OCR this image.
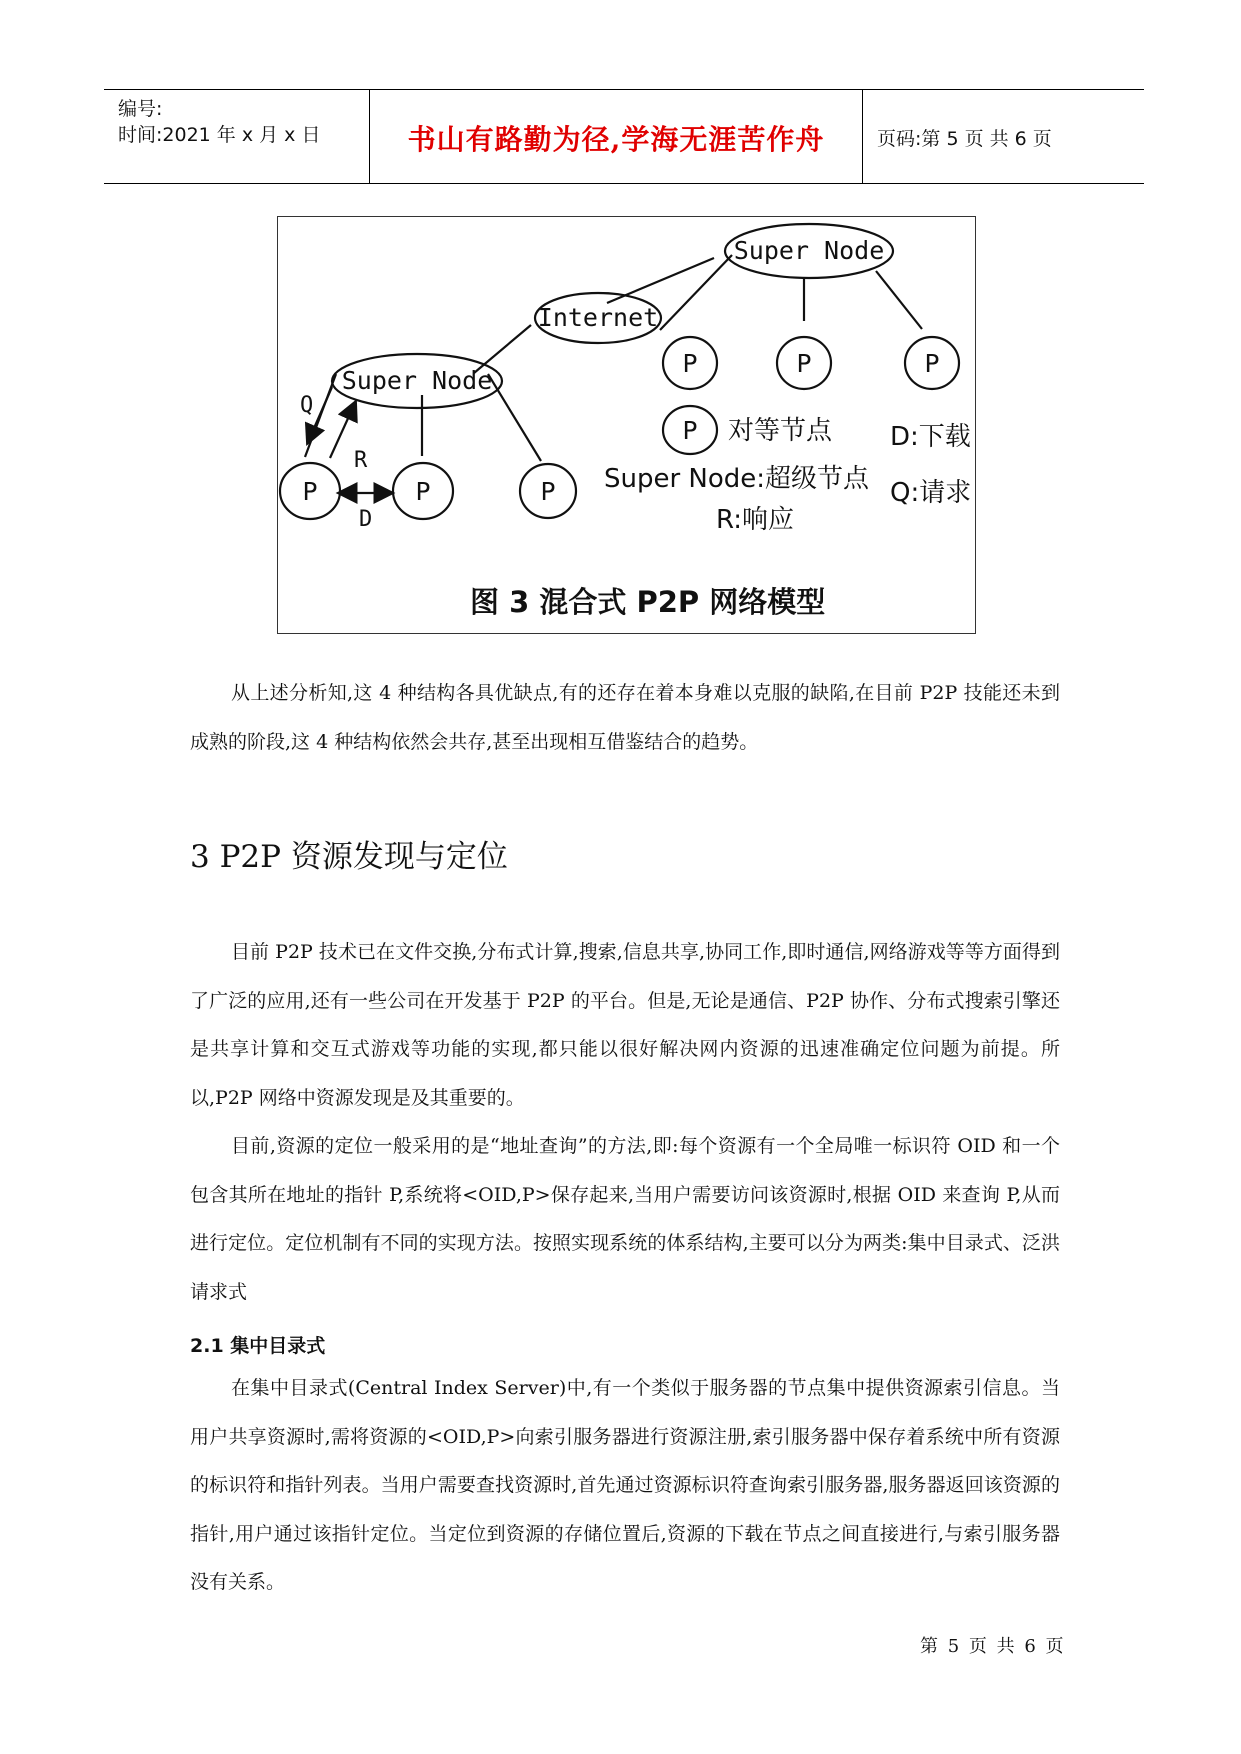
编号:
时间:2021 年 x 月 x 日	书山有路勤为径,学海无涯苦作舟	页码:第 5 页 共 6 页
Super Node
Internet
Super Node
P	P	P
P	P	P
P
Q
R
D
对等节点
Super Node:超级节点
R:响应
D:下载
Q:请求
图 3 混合式 P2P 网络模型
从上述分析知,这 4 种结构各具优缺点,有的还存在着本身难以克服的缺陷,在目前 P2P 技能还未到成熟的阶段,这 4 种结构依然会共存,甚至出现相互借鉴结合的趋势。
3 P2P 资源发现与定位
目前 P2P 技术已在文件交换,分布式计算,搜索,信息共享,协同工作,即时通信,网络游戏等等方面得到了广泛的应用,还有一些公司在开发基于 P2P 的平台。但是,无论是通信、P2P 协作、分布式搜索引擎还是共享计算和交互式游戏等功能的实现,都只能以很好解决网内资源的迅速准确定位问题为前提。所以,P2P 网络中资源发现是及其重要的。
目前,资源的定位一般采用的是“地址查询”的方法,即:每个资源有一个全局唯一标识符 OID 和一个包含其所在地址的指针 P,系统将<OID,P>保存起来,当用户需要访问该资源时,根据 OID 来查询 P,从而进行定位。定位机制有不同的实现方法。按照实现系统的体系结构,主要可以分为两类:集中目录式、泛洪请求式
2.1 集中目录式
在集中目录式(Central Index Server)中,有一个类似于服务器的节点集中提供资源索引信息。当用户共享资源时,需将资源的<OID,P>向索引服务器进行资源注册,索引服务器中保存着系统中所有资源的标识符和指针列表。当用户需要查找资源时,首先通过资源标识符查询索引服务器,服务器返回该资源的指针,用户通过该指针定位。当定位到资源的存储位置后,资源的下载在节点之间直接进行,与索引服务器没有关系。
第 5 页 共 6 页
